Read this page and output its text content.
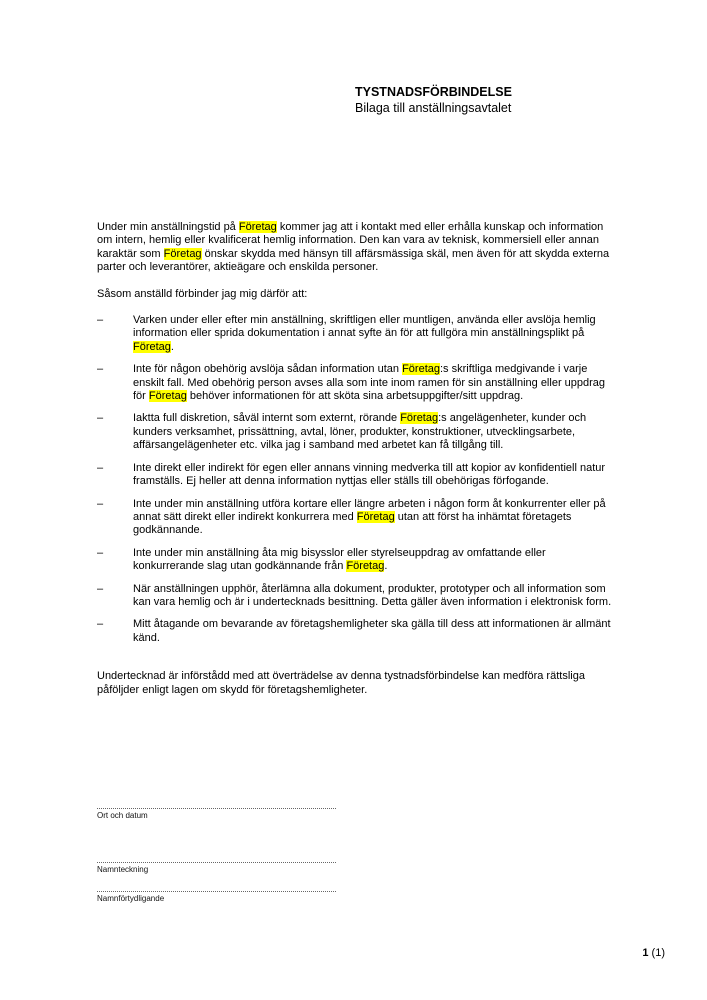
TYSTNADSFÖRBINDELSE
Bilaga till anställningsavtalet

Under min anställningstid på Företag kommer jag att i kontakt med eller erhålla kunskap och information om intern, hemlig eller kvalificerat hemlig information. Den kan vara av teknisk, kommersiell eller annan karaktär som Företag önskar skydda med hänsyn till affärsmässiga skäl, men även för att skydda externa parter och leverantörer, aktieägare och enskilda personer.

Såsom anställd förbinder jag mig därför att:

–	Varken under eller efter min anställning, skriftligen eller muntligen, använda eller avslöja hemlig information eller sprida dokumentation i annat syfte än för att fullgöra min anställningsplikt på Företag.
–	Inte för någon obehörig avslöja sådan information utan Företag:s skriftliga medgivande i varje enskilt fall. Med obehörig person avses alla som inte inom ramen för sin anställning eller uppdrag för Företag behöver informationen för att sköta sina arbetsuppgifter/sitt uppdrag.
–	Iaktta full diskretion, såväl internt som externt, rörande Företag:s angelägenheter, kunder och kunders verksamhet, prissättning, avtal, löner, produkter, konstruktioner, utvecklingsarbete, affärsangelägenheter etc. vilka jag i samband med arbetet kan få tillgång till.
–	Inte direkt eller indirekt för egen eller annans vinning medverka till att kopior av konfidentiell natur framställs. Ej heller att denna information nyttjas eller ställs till obehörigas förfogande.
–	Inte under min anställning utföra kortare eller längre arbeten i någon form åt konkurrenter eller på annat sätt direkt eller indirekt konkurrera med Företag utan att först ha inhämtat företagets godkännande.
–	Inte under min anställning åta mig bisysslor eller styrelseuppdrag av omfattande eller konkurrerande slag utan godkännande från Företag.
–	När anställningen upphör, återlämna alla dokument, produkter, prototyper och all information som kan vara hemlig och är i undertecknads besittning. Detta gäller även information i elektronisk form.
–	Mitt åtagande om bevarande av företagshemligheter ska gälla till dess att informationen är allmänt känd.

Undertecknad är införstådd med att överträdelse av denna tystnadsförbindelse kan medföra rättsliga påföljder enligt lagen om skydd för företagshemligheter.

Ort och datum
Namnteckning
Namnförtydligande
1 (1)
